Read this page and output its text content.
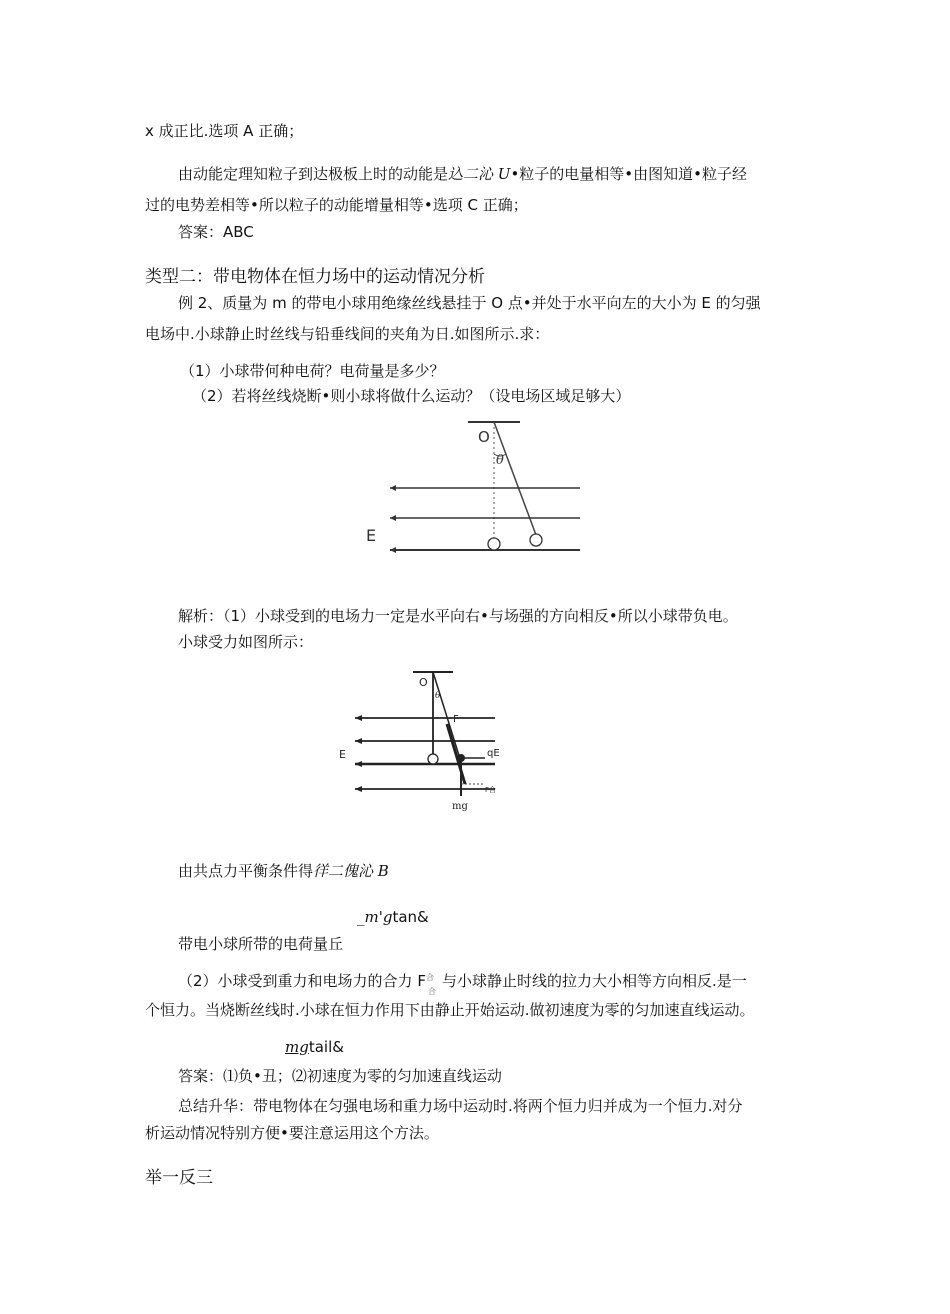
x 成正比.选项 A 正确；
由动能定理知粒子到达极板上时的动能是込二沁 U•粒子的电量相等•由图知道•粒子经
过的电势差相等•所以粒子的动能增量相等•选项 C 正确；
答案：ABC
类型二：带电物体在恒力场中的运动情况分析
例 2、质量为 m 的带电小球用绝缘丝线悬挂于 O 点•并处于水平向左的大小为 E 的匀强
电场中.小球静止时丝线与铅垂线间的夹角为日.如图所示.求：
（1）小球带何种电荷？电荷量是多少？
（2）若将丝线烧断•则小球将做什么运动？（设电场区域足够大）
O
θ
E
解析：（1）小球受到的电场力一定是水平向右•与场强的方向相反•所以小球带负电。
小球受力如图所示：
O
θ
F
qE
E
mg
F合
由共点力平衡条件得徉二傀沁 B
_m'gtan&
带电小球所带的电荷量丘
（2）小球受到重力和电场力的合力 $F^合_合$与小球静止时线的拉力大小相等方向相反.是一
个恒力。当烧断丝线时.小球在恒力作用下由静止开始运动.做初速度为零的匀加速直线运动。
mgtail&
答案：⑴负•丑；⑵初速度为零的匀加速直线运动
总结升华：带电物体在匀强电场和重力场中运动时.将两个恒力归并成为一个恒力.对分
析运动情况特别方便•要注意运用这个方法。
举一反三
